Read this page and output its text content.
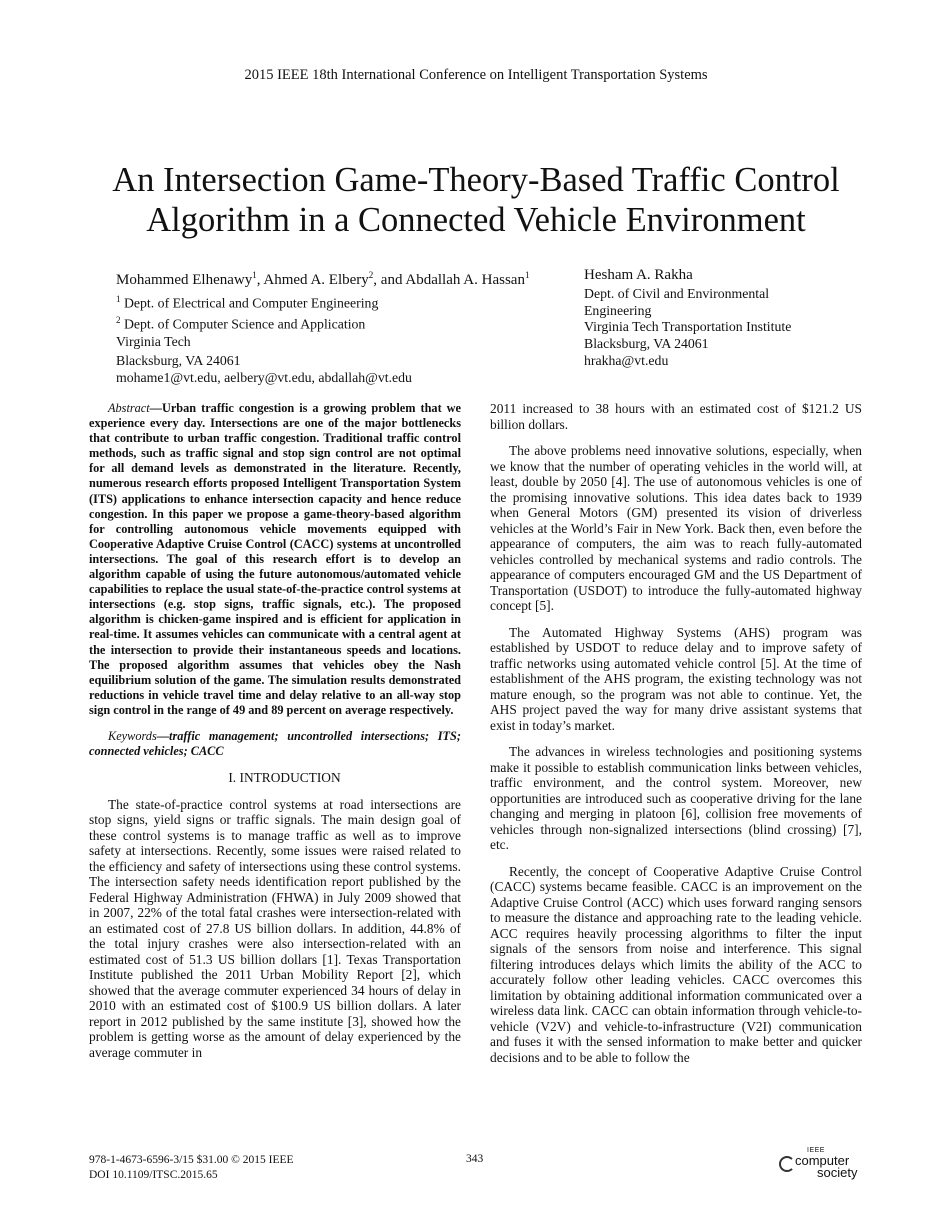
2015 IEEE 18th International Conference on Intelligent Transportation Systems
An Intersection Game-Theory-Based Traffic Control
Algorithm in a Connected Vehicle Environment
Mohammed Elhenawy$^1$, Ahmed A. Elbery$^2$, and Abdallah A. Hassan$^1$
$^1$ Dept. of Electrical and Computer Engineering
$^2$ Dept. of Computer Science and Application
Virginia Tech
Blacksburg, VA 24061
mohame1@vt.edu, aelbery@vt.edu, abdallah@vt.edu
Hesham A. Rakha
Dept. of Civil and Environmental
Engineering
Virginia Tech Transportation Institute
Blacksburg, VA 24061
hrakha@vt.edu

Abstract—Urban traffic congestion is a growing problem that we experience every day. Intersections are one of the major bottlenecks that contribute to urban traffic congestion. Traditional traffic control methods, such as traffic signal and stop sign control are not optimal for all demand levels as demonstrated in the literature. Recently, numerous research efforts proposed Intelligent Transportation System (ITS) applications to enhance intersection capacity and hence reduce congestion. In this paper we propose a game-theory-based algorithm for controlling autonomous vehicle movements equipped with Cooperative Adaptive Cruise Control (CACC) systems at uncontrolled intersections. The goal of this research effort is to develop an algorithm capable of using the future autonomous/automated vehicle capabilities to replace the usual state-of-the-practice control systems at intersections (e.g. stop signs, traffic signals, etc.). The proposed algorithm is chicken-game inspired and is efficient for application in real-time. It assumes vehicles can communicate with a central agent at the intersection to provide their instantaneous speeds and locations. The proposed algorithm assumes that vehicles obey the Nash equilibrium solution of the game. The simulation results demonstrated reductions in vehicle travel time and delay relative to an all-way stop sign control in the range of 49 and 89 percent on average respectively.

Keywords—traffic management; uncontrolled intersections; ITS; connected vehicles; CACC

I. INTRODUCTION

The state-of-practice control systems at road intersections are stop signs, yield signs or traffic signals. The main design goal of these control systems is to manage traffic as well as to improve safety at intersections. Recently, some issues were raised related to the efficiency and safety of intersections using these control systems. The intersection safety needs identification report published by the Federal Highway Administration (FHWA) in July 2009 showed that in 2007, 22% of the total fatal crashes were intersection-related with an estimated cost of 27.8 US billion dollars. In addition, 44.8% of the total injury crashes were also intersection-related with an estimated cost of 51.3 US billion dollars [1]. Texas Transportation Institute published the 2011 Urban Mobility Report [2], which showed that the average commuter experienced 34 hours of delay in 2010 with an estimated cost of $100.9 US billion dollars. A later report in 2012 published by the same institute [3], showed how the problem is getting worse as the amount of delay experienced by the average commuter in

2011 increased to 38 hours with an estimated cost of $121.2 US billion dollars.

The above problems need innovative solutions, especially, when we know that the number of operating vehicles in the world will, at least, double by 2050 [4]. The use of autonomous vehicles is one of the promising innovative solutions. This idea dates back to 1939 when General Motors (GM) presented its vision of driverless vehicles at the World’s Fair in New York. Back then, even before the appearance of computers, the aim was to reach fully-automated vehicles controlled by mechanical systems and radio controls. The appearance of computers encouraged GM and the US Department of Transportation (USDOT) to introduce the fully-automated highway concept [5].

The Automated Highway Systems (AHS) program was established by USDOT to reduce delay and to improve safety of traffic networks using automated vehicle control [5]. At the time of establishment of the AHS program, the existing technology was not mature enough, so the program was not able to continue. Yet, the AHS project paved the way for many drive assistant systems that exist in today’s market.

The advances in wireless technologies and positioning systems make it possible to establish communication links between vehicles, traffic environment, and the control system. Moreover, new opportunities are introduced such as cooperative driving for the lane changing and merging in platoon [6], collision free movements of vehicles through non-signalized intersections (blind crossing) [7], etc.

Recently, the concept of Cooperative Adaptive Cruise Control (CACC) systems became feasible. CACC is an improvement on the Adaptive Cruise Control (ACC) which uses forward ranging sensors to measure the distance and approaching rate to the leading vehicle. ACC requires heavily processing algorithms to filter the input signals of the sensors from noise and interference. This signal filtering introduces delays which limits the ability of the ACC to accurately follow other leading vehicles. CACC overcomes this limitation by obtaining additional information communicated over a wireless data link. CACC can obtain information through vehicle-to-vehicle (V2V) and vehicle-to-infrastructure (V2I) communication and fuses it with the sensed information to make better and quicker decisions and to be able to follow the

978-1-4673-6596-3/15 $31.00 © 2015 IEEE
DOI 10.1109/ITSC.2015.65
343
IEEE
computer
society
